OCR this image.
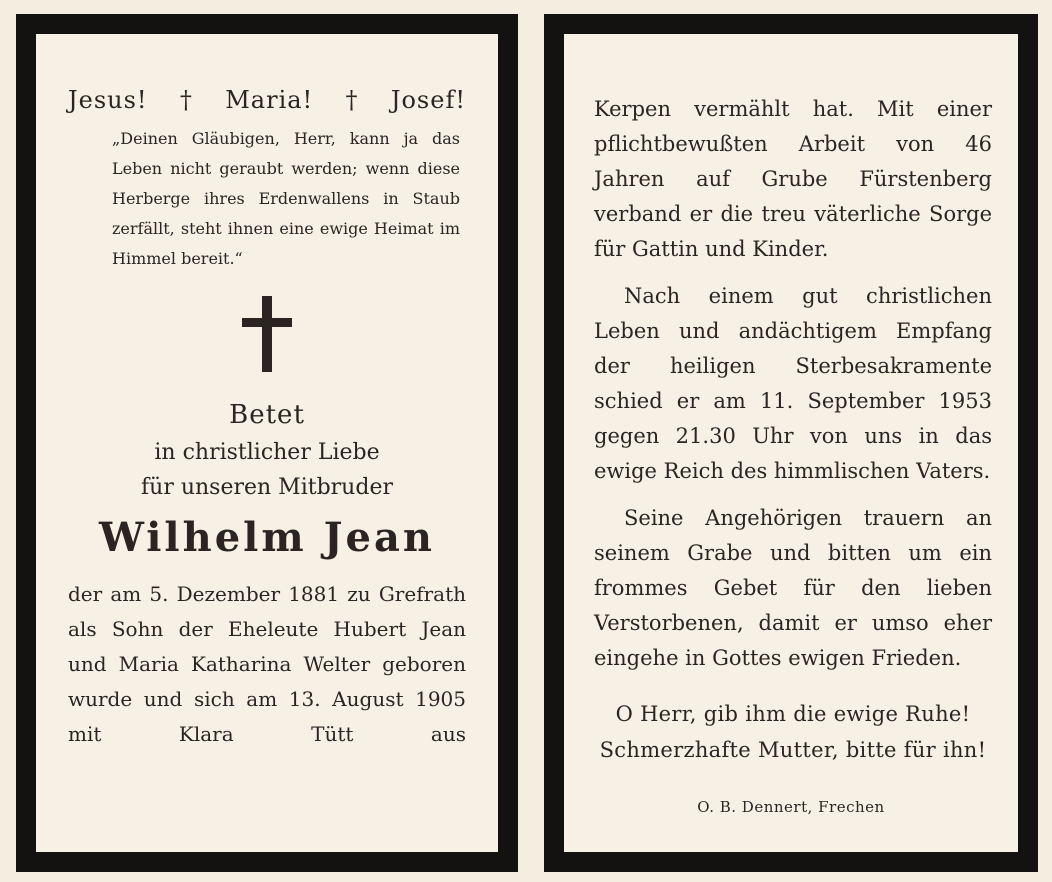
Jesus! † Maria! † Josef!
„Deinen Gläubigen, Herr, kann ja das Leben nicht geraubt werden; wenn diese Herberge ihres Erdenwallens in Staub zerfällt, steht ihnen eine ewige Heimat im Himmel bereit.“
Betet
in christlicher Liebe
für unseren Mitbruder
Wilhelm Jean
der am 5. Dezember 1881 zu Grefrath als Sohn der Eheleute Hubert Jean und Maria Katharina Welter geboren wurde und sich am 13. August 1905 mit Klara Tütt aus
Kerpen vermählt hat. Mit einer pflichtbewußten Arbeit von 46 Jahren auf Grube Fürstenberg verband er die treu väterliche Sorge für Gattin und Kinder.
Nach einem gut christlichen Leben und andächtigem Empfang der heiligen Sterbesakramente schied er am 11. September 1953 gegen 21.30 Uhr von uns in das ewige Reich des himmlischen Vaters.
Seine Angehörigen trauern an seinem Grabe und bitten um ein frommes Gebet für den lieben Verstorbenen, damit er umso eher eingehe in Gottes ewigen Frieden.
O Herr, gib ihm die ewige Ruhe!
Schmerzhafte Mutter, bitte für ihn!
O. B. Dennert, Frechen
